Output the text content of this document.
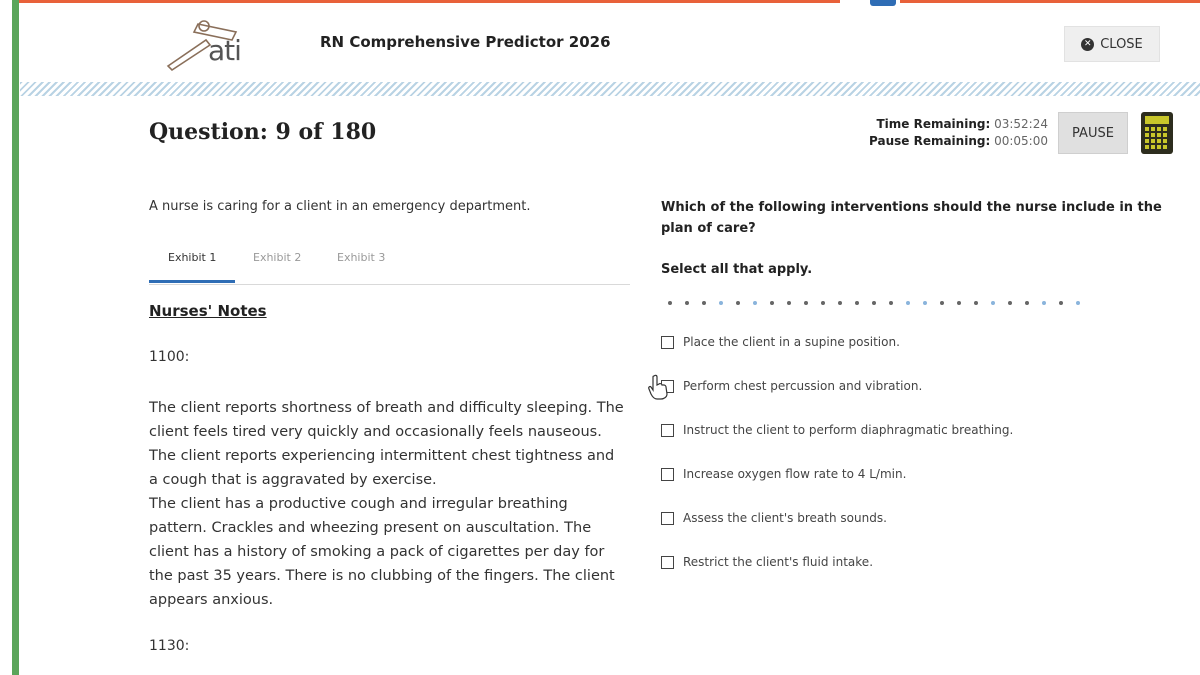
ati	RN Comprehensive Predictor 2026	✕ CLOSE
Question: 9 of 180	Time Remaining: 03:52:24
Pause Remaining: 00:05:00
PAUSE
A nurse is caring for a client in an emergency department.
Exhibit 1	Exhibit 2	Exhibit 3
Nurses' Notes
1100:
The client reports shortness of breath and difficulty sleeping. The client feels tired very quickly and occasionally feels nauseous. The client reports experiencing intermittent chest tightness and a cough that is aggravated by exercise.
The client has a productive cough and irregular breathing pattern. Crackles and wheezing present on auscultation. The client has a history of smoking a pack of cigarettes per day for the past 35 years. There is no clubbing of the fingers. The client appears anxious.
1130:
Which of the following interventions should the nurse include in the plan of care?
Select all that apply.
Place the client in a supine position.
Perform chest percussion and vibration.
Instruct the client to perform diaphragmatic breathing.
Increase oxygen flow rate to 4 L/min.
Assess the client's breath sounds.
Restrict the client's fluid intake.
